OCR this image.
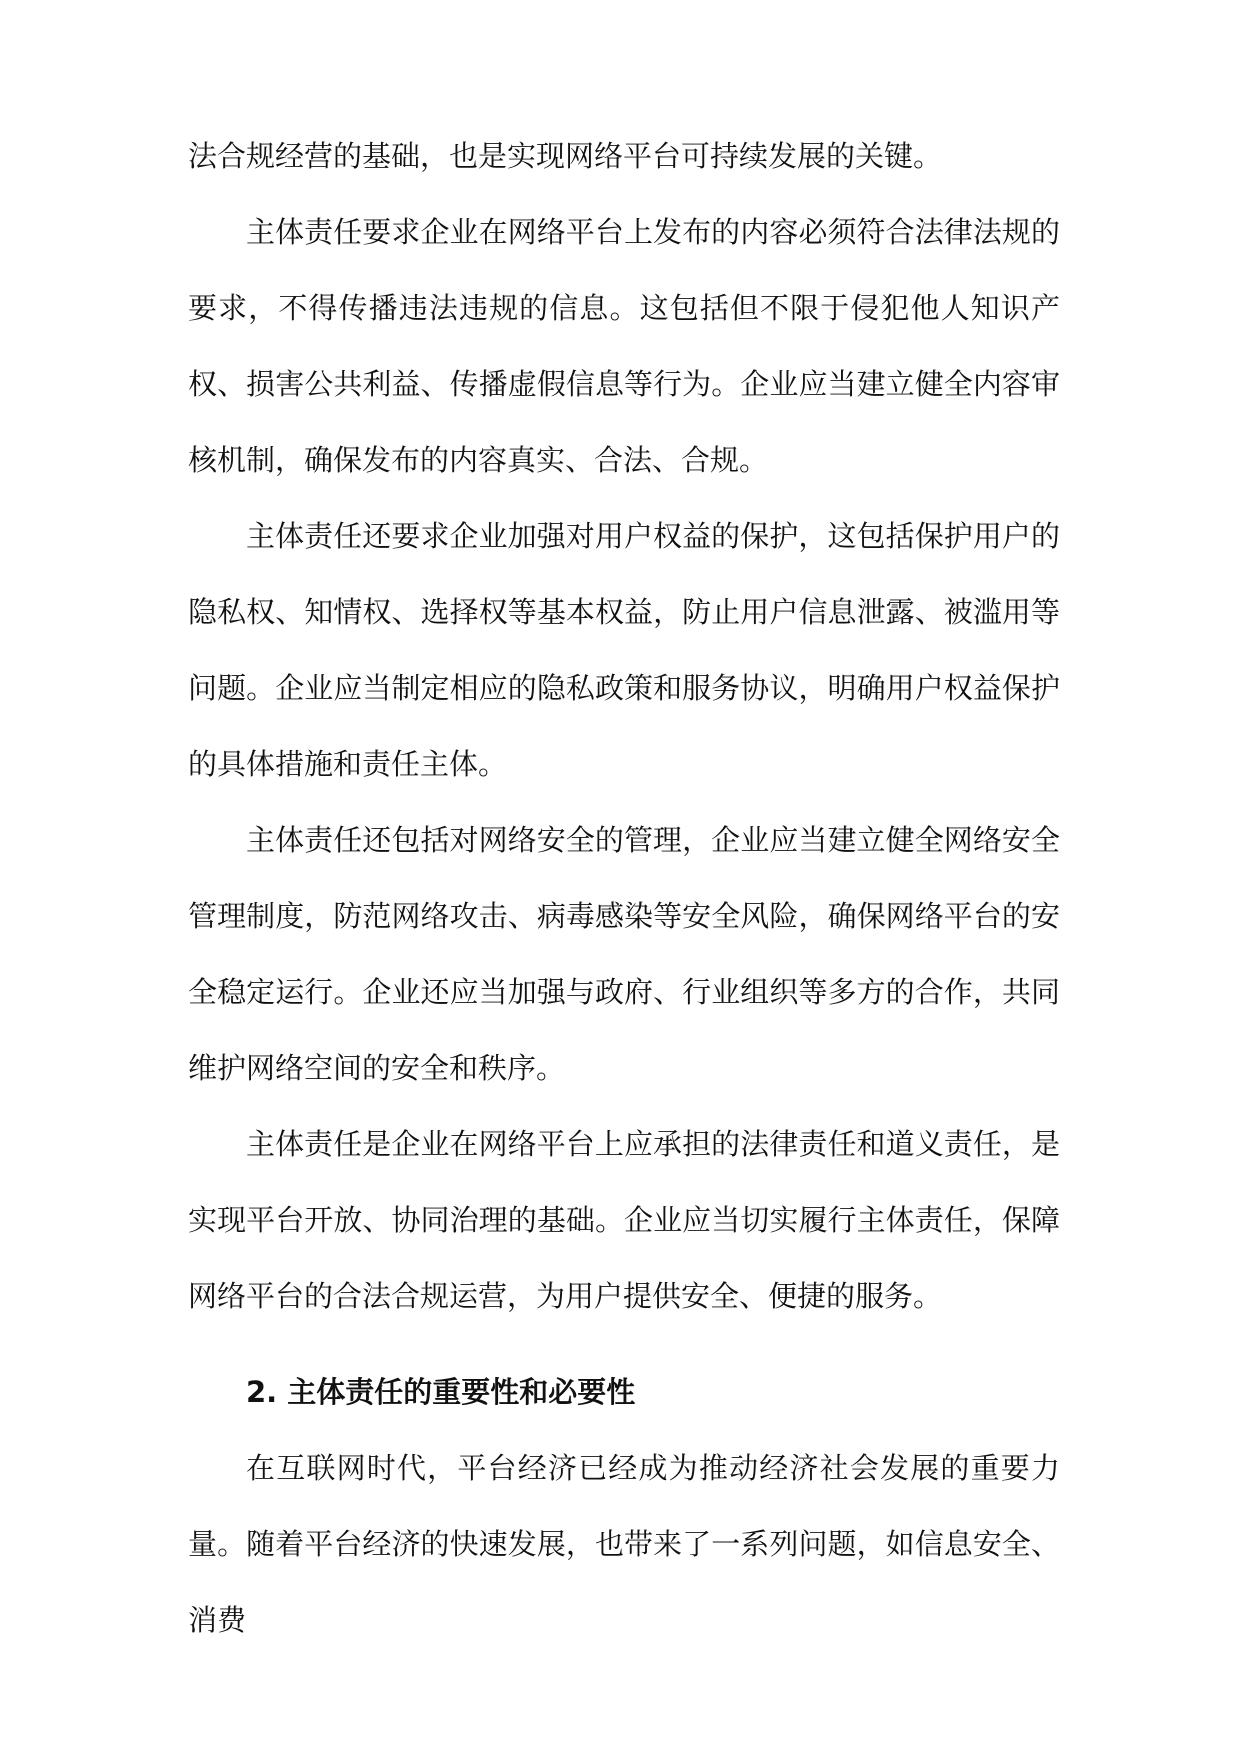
法合规经营的基础，也是实现网络平台可持续发展的关键。

主体责任要求企业在网络平台上发布的内容必须符合法律法规的要求，不得传播违法违规的信息。这包括但不限于侵犯他人知识产权、损害公共利益、传播虚假信息等行为。企业应当建立健全内容审核机制，确保发布的内容真实、合法、合规。

主体责任还要求企业加强对用户权益的保护，这包括保护用户的隐私权、知情权、选择权等基本权益，防止用户信息泄露、被滥用等问题。企业应当制定相应的隐私政策和服务协议，明确用户权益保护的具体措施和责任主体。

主体责任还包括对网络安全的管理，企业应当建立健全网络安全管理制度，防范网络攻击、病毒感染等安全风险，确保网络平台的安全稳定运行。企业还应当加强与政府、行业组织等多方的合作，共同维护网络空间的安全和秩序。

主体责任是企业在网络平台上应承担的法律责任和道义责任，是实现平台开放、协同治理的基础。企业应当切实履行主体责任，保障网络平台的合法合规运营，为用户提供安全、便捷的服务。

2. 主体责任的重要性和必要性

在互联网时代，平台经济已经成为推动经济社会发展的重要力量。随着平台经济的快速发展，也带来了一系列问题，如信息安全、消费
